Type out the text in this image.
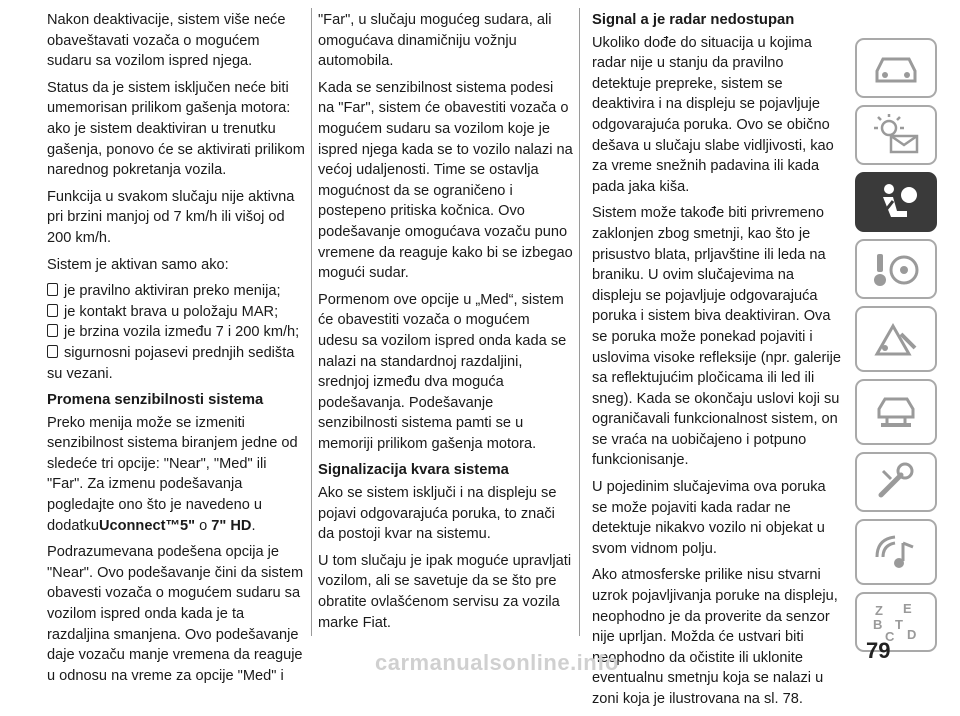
Nakon deaktivacije, sistem više neće obaveštavati vozača o mogućem sudaru sa vozilom ispred njega.

Status da je sistem isključen neće biti umemorisan prilikom gašenja motora: ako je sistem deaktiviran u trenutku gašenja, ponovo će se aktivirati prilikom narednog pokretanja vozila.

Funkcija u svakom slučaju nije aktivna pri brzini manjoj od 7 km/h ili višoj od 200 km/h.

Sistem je aktivan samo ako:

je pravilno aktiviran preko menija;
je kontakt brava u položaju MAR;
je brzina vozila između 7 i 200 km/h;
sigurnosni pojasevi prednjih sedišta

su vezani.

Promena senzibilnosti sistema

Preko menija može se izmeniti senzibilnost sistema biranjem jedne od sledeće tri opcije: "Near", "Med" ili "Far". Za izmenu podešavanja pogledajte ono što je navedeno u dodatkuUconnect™5" o 7" HD.

Podrazumevana podešena opcija je "Near". Ovo podešavanje čini da sistem obavesti vozača o mogućem sudaru sa vozilom ispred onda kada je ta razdaljina smanjena. Ovo podešavanje daje vozaču manje vremena da reaguje u odnosu na vreme za opcije "Med" i

"Far", u slučaju mogućeg sudara, ali omogućava dinamičniju vožnju automobila.

Kada se senzibilnost sistema podesi na "Far", sistem će obavestiti vozača o mogućem sudaru sa vozilom koje je ispred njega kada se to vozilo nalazi na većoj udaljenosti. Time se ostavlja mogućnost da se ograničeno i postepeno pritiska kočnica. Ovo podešavanje omogućava vozaču puno vremene da reaguje kako bi se izbegao mogući sudar.

Pormenom ove opcije u „Med“, sistem će obavestiti vozača o mogućem udesu sa vozilom ispred onda kada se nalazi na standardnoj razdaljini, srednjoj između dva moguća podešavanja. Podešavanje senzibilnosti sistema pamti se u memoriji prilikom gašenja motora.

Signalizacija kvara sistema

Ako se sistem isključi i na displeju se pojavi odgovarajuća poruka, to znači da postoji kvar na sistemu.

U tom slučaju je ipak moguće upravljati vozilom, ali se savetuje da se što pre obratite ovlašćenom servisu za vozila marke Fiat.

Signal a je radar nedostupan

Ukoliko dođe do situacija u kojima radar nije u stanju da pravilno detektuje prepreke, sistem se deaktivira i na displeju se pojavljuje odgovarajuća poruka. Ovo se obično dešava u slučaju slabe vidljivosti, kao za vreme snežnih padavina ili kada pada jaka kiša.

Sistem može takođe biti privremeno zaklonjen zbog smetnji, kao što je prisustvo blata, prljavštine ili leda na braniku. U ovim slučajevima na displeju se pojavljuje odgovarajuća poruka i sistem biva deaktiviran. Ova se poruka može ponekad pojaviti i uslovima visoke refleksije (npr. galerije sa reflektujućim pločicama ili led ili sneg). Kada se okončaju uslovi koji su ograničavali funkcionalnost sistem, on se vraća na uobičajeno i potpuno funkcionisanje.

U pojedinim slučajevima ova poruka se može pojaviti kada radar ne detektuje nikakvo vozilo ni objekat u svom vidnom polju.

Ako atmosferske prilike nisu stvarni uzrok pojavljivanja poruke na displeju, neophodno je da proverite da senzor nije uprljan. Možda će ustvari biti neophodno da očistite ili uklonite eventualnu smetnju koja se nalazi u zoni koja je ilustrovana na sl. 78.

Z E
B
C
T
D
carmanualsonline.info	79
